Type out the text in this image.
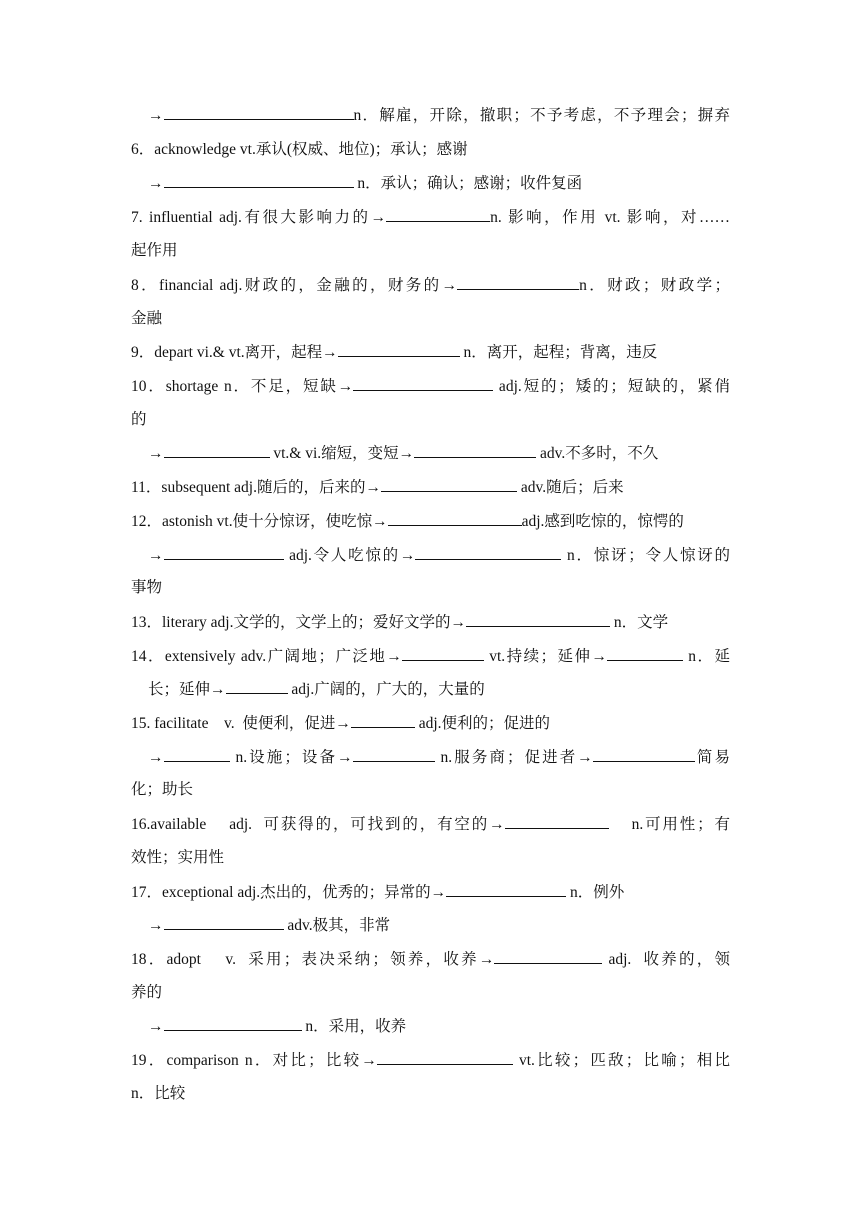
→	n．解雇，开除，撤职；不予考虑，不予理会；摒弃
6．acknowledge vt.承认(权威、地位)；承认；感谢
→	n．承认；确认；感谢；收件复函
7. influential adj.有很大影响力的→	n. 影响，作用 vt. 影响，对……
起作用
8．financial adj.财政的，金融的，财务的→	n．财政；财政学；
金融
9．depart vi.& vt.离开，起程→	n．离开，起程；背离，违反
10．shortage n．不足，短缺→	adj.短的；矮的；短缺的，紧俏
的
→	vt.& vi.缩短，变短→	adv.不多时，不久
11．subsequent adj.随后的，后来的→	adv.随后；后来
12．astonish vt.使十分惊讶，使吃惊→	adj.感到吃惊的，惊愕的
→	adj.令人吃惊的→	n．惊讶；令人惊讶的
事物
13．literary adj.文学的，文学上的；爱好文学的→	n．文学
14．extensively adv.广阔地；广泛地→	vt.持续；延伸→	n．延
长；延伸→	adj.广阔的，广大的，大量的
15. facilitate    v.  使便利，促进→	adj.便利的；促进的
→	n.设施；设备→	n.服务商；促进者→	简易
化；助长
16.available    adj.  可获得的，可找到的，有空的→	n.可用性；有
效性；实用性
17．exceptional adj.杰出的，优秀的；异常的→	n．例外
→	adv.极其，非常
18．adopt    v.  采用；表决采纳；领养，收养→	adj.  收养的，领
养的
→	n．采用，收养
19．comparison n．对比；比较→	vt.比较；匹敌；比喻；相比
n．比较
